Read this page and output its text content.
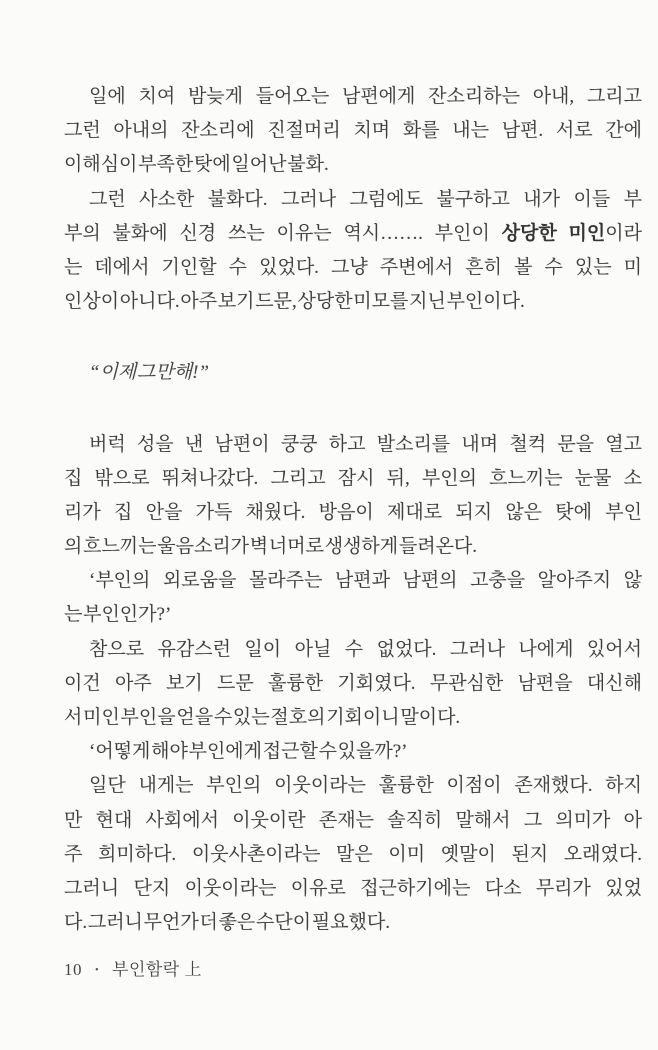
일에 치여 밤늦게 들어오는 남편에게 잔소리하는 아내, 그리고
그런 아내의 잔소리에 진절머리 치며 화를 내는 남편. 서로 간에
이해심이 부족한 탓에 일어난 불화.
그런 사소한 불화다. 그러나 그럼에도 불구하고 내가 이들 부
부의 불화에 신경 쓰는 이유는 역시……. 부인이 상당한 미인이라
는 데에서 기인할 수 있었다. 그냥 주변에서 흔히 볼 수 있는 미
인상이 아니다. 아주 보기 드문, 상당한 미모를 지닌 부인이다.
“이제 그만해!”
버럭 성을 낸 남편이 쿵쿵 하고 발소리를 내며 철컥 문을 열고
집 밖으로 뛰쳐나갔다. 그리고 잠시 뒤, 부인의 흐느끼는 눈물 소
리가 집 안을 가득 채웠다. 방음이 제대로 되지 않은 탓에 부인
의 흐느끼는 울음소리가 벽 너머로 생생하게 들려온다.
‘부인의 외로움을 몰라주는 남편과 남편의 고충을 알아주지 않
는 부인인가?’
참으로 유감스런 일이 아닐 수 없었다. 그러나 나에게 있어서
이건 아주 보기 드문 훌륭한 기회였다. 무관심한 남편을 대신해
서 미인 부인을 얻을 수 있는 절호의 기회이니 말이다.
‘어떻게 해야 부인에게 접근할 수 있을까?’
일단 내게는 부인의 이웃이라는 훌륭한 이점이 존재했다. 하지
만 현대 사회에서 이웃이란 존재는 솔직히 말해서 그 의미가 아
주 희미하다. 이웃사촌이라는 말은 이미 옛말이 된지 오래였다.
그러니 단지 이웃이라는 이유로 접근하기에는 다소 무리가 있었
다. 그러니 무언가 더 좋은 수단이 필요했다.
10 • 부인함락 上
